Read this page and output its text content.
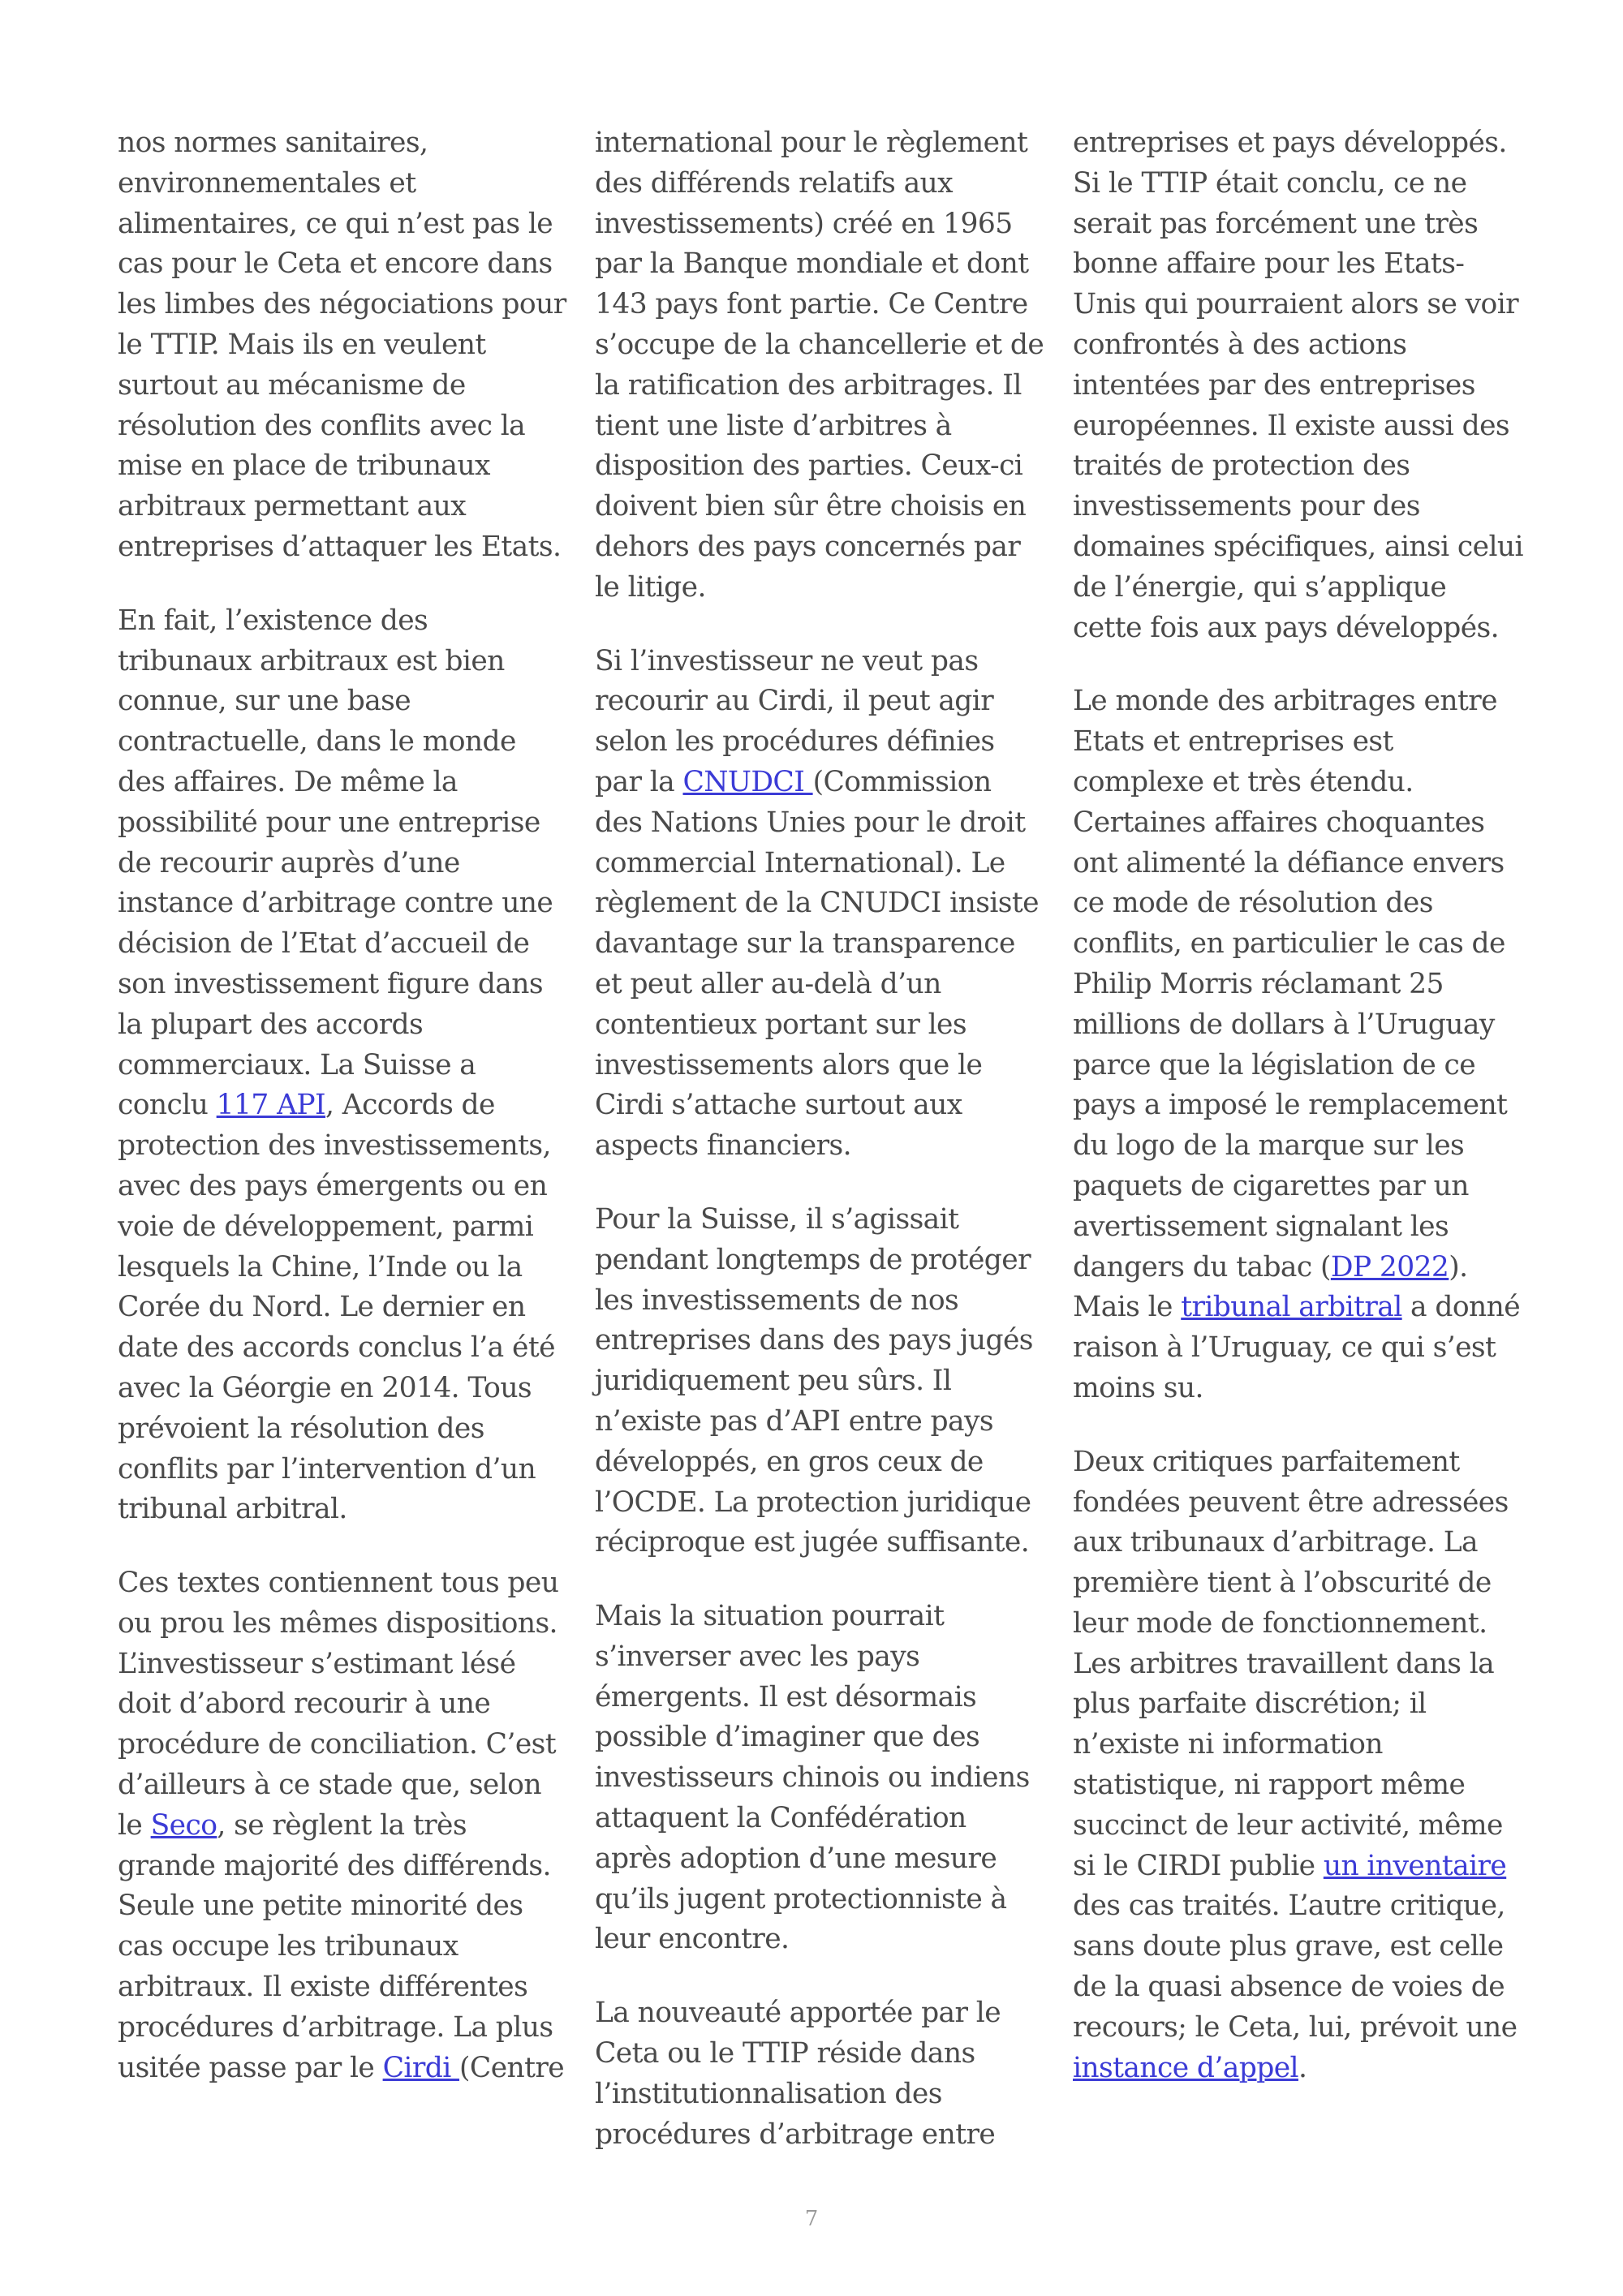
nos normes sanitaires, environnementales et alimentaires, ce qui n’est pas le cas pour le Ceta et encore dans les limbes des négociations pour le TTIP. Mais ils en veulent surtout au mécanisme de résolution des conflits avec la mise en place de tribunaux arbitraux permettant aux entreprises d’attaquer les Etats.

En fait, l’existence des tribunaux arbitraux est bien connue, sur une base contractuelle, dans le monde des affaires. De même la possibilité pour une entreprise de recourir auprès d’une instance d’arbitrage contre une décision de l’Etat d’accueil de son investissement figure dans la plupart des accords commerciaux. La Suisse a conclu 117 API, Accords de protection des investissements, avec des pays émergents ou en voie de développement, parmi lesquels la Chine, l’Inde ou la Corée du Nord. Le dernier en date des accords conclus l’a été avec la Géorgie en 2014. Tous prévoient la résolution des conflits par l’intervention d’un tribunal arbitral.

Ces textes contiennent tous peu ou prou les mêmes dispositions. L’investisseur s’estimant lésé doit d’abord recourir à une procédure de conciliation. C’est d’ailleurs à ce stade que, selon le Seco, se règlent la très grande majorité des différends. Seule une petite minorité des cas occupe les tribunaux arbitraux. Il existe différentes procédures d’arbitrage. La plus usitée passe par le Cirdi (Centre

international pour le règlement des différends relatifs aux investissements) créé en 1965 par la Banque mondiale et dont 143 pays font partie. Ce Centre s’occupe de la chancellerie et de la ratification des arbitrages. Il tient une liste d’arbitres à disposition des parties. Ceux-ci doivent bien sûr être choisis en dehors des pays concernés par le litige.

Si l’investisseur ne veut pas recourir au Cirdi, il peut agir selon les procédures définies par la CNUDCI (Commission des Nations Unies pour le droit commercial International). Le règlement de la CNUDCI insiste davantage sur la transparence et peut aller au-delà d’un contentieux portant sur les investissements alors que le Cirdi s’attache surtout aux aspects financiers.

Pour la Suisse, il s’agissait pendant longtemps de protéger les investissements de nos entreprises dans des pays jugés juridiquement peu sûrs. Il n’existe pas d’API entre pays développés, en gros ceux de l’OCDE. La protection juridique réciproque est jugée suffisante.

Mais la situation pourrait s’inverser avec les pays émergents. Il est désormais possible d’imaginer que des investisseurs chinois ou indiens attaquent la Confédération après adoption d’une mesure qu’ils jugent protectionniste à leur encontre.

La nouveauté apportée par le Ceta ou le TTIP réside dans l’institutionnalisation des procédures d’arbitrage entre

entreprises et pays développés. Si le TTIP était conclu, ce ne serait pas forcément une très bonne affaire pour les Etats-Unis qui pourraient alors se voir confrontés à des actions intentées par des entreprises européennes. Il existe aussi des traités de protection des investissements pour des domaines spécifiques, ainsi celui de l’énergie, qui s’applique cette fois aux pays développés.

Le monde des arbitrages entre Etats et entreprises est complexe et très étendu. Certaines affaires choquantes ont alimenté la défiance envers ce mode de résolution des conflits, en particulier le cas de Philip Morris réclamant 25 millions de dollars à l’Uruguay parce que la législation de ce pays a imposé le remplacement du logo de la marque sur les paquets de cigarettes par un avertissement signalant les dangers du tabac (DP 2022). Mais le tribunal arbitral a donné raison à l’Uruguay, ce qui s’est moins su.

Deux critiques parfaitement fondées peuvent être adressées aux tribunaux d’arbitrage. La première tient à l’obscurité de leur mode de fonctionnement. Les arbitres travaillent dans la plus parfaite discrétion; il n’existe ni information statistique, ni rapport même succinct de leur activité, même si le CIRDI publie un inventaire des cas traités. L’autre critique, sans doute plus grave, est celle de la quasi absence de voies de recours; le Ceta, lui, prévoit une instance d’appel.

7
